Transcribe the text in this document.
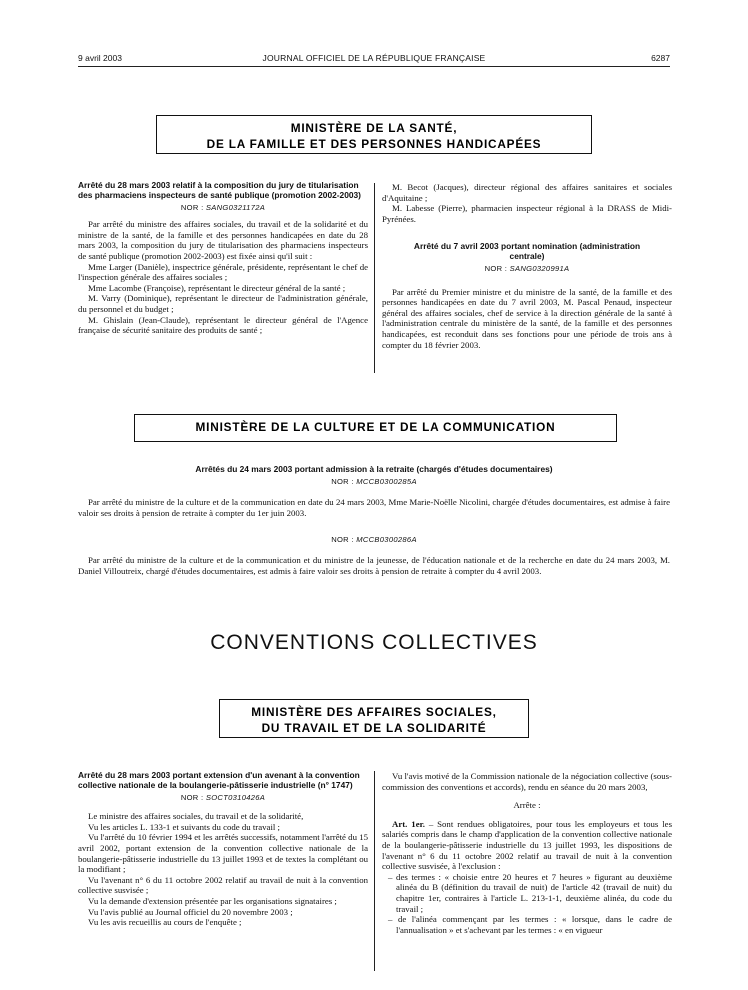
9 avril 2003	JOURNAL OFFICIEL DE LA RÉPUBLIQUE FRANÇAISE	6287
MINISTÈRE DE LA SANTÉ,
DE LA FAMILLE ET DES PERSONNES HANDICAPÉES

Arrêté du 28 mars 2003 relatif à la composition du jury de titularisation des pharmaciens inspecteurs de santé publique (promotion 2002-2003)

NOR : SANG0321172A

Par arrêté du ministre des affaires sociales, du travail et de la solidarité et du ministre de la santé, de la famille et des personnes handicapées en date du 28 mars 2003, la composition du jury de titularisation des pharmaciens inspecteurs de santé publique (promotion 2002-2003) est fixée ainsi qu'il suit :

Mme Larger (Danièle), inspectrice générale, présidente, représentant le chef de l'inspection générale des affaires sociales ;

Mme Lacombe (Françoise), représentant le directeur général de la santé ;

M. Varry (Dominique), représentant le directeur de l'administration générale, du personnel et du budget ;

M. Ghislain (Jean-Claude), représentant le directeur général de l'Agence française de sécurité sanitaire des produits de santé ;

M. Becot (Jacques), directeur régional des affaires sanitaires et sociales d'Aquitaine ;

M. Labesse (Pierre), pharmacien inspecteur régional à la DRASS de Midi-Pyrénées.

Arrêté du 7 avril 2003 portant nomination (administration centrale)

NOR : SANG0320991A

Par arrêté du Premier ministre et du ministre de la santé, de la famille et des personnes handicapées en date du 7 avril 2003, M. Pascal Penaud, inspecteur général des affaires sociales, chef de service à la direction générale de la santé à l'administration centrale du ministère de la santé, de la famille et des personnes handicapées, est reconduit dans ses fonctions pour une période de trois ans à compter du 18 février 2003.

MINISTÈRE DE LA CULTURE ET DE LA COMMUNICATION

Arrêtés du 24 mars 2003 portant admission à la retraite (chargés d'études documentaires)

NOR : MCCB0300285A

Par arrêté du ministre de la culture et de la communication en date du 24 mars 2003, Mme Marie-Noëlle Nicolini, chargée d'études documentaires, est admise à faire valoir ses droits à pension de retraite à compter du 1er juin 2003.

NOR : MCCB0300286A

Par arrêté du ministre de la culture et de la communication et du ministre de la jeunesse, de l'éducation nationale et de la recherche en date du 24 mars 2003, M. Daniel Villoutreix, chargé d'études documentaires, est admis à faire valoir ses droits à pension de retraite à compter du 4 avril 2003.

CONVENTIONS COLLECTIVES
MINISTÈRE DES AFFAIRES SOCIALES,
DU TRAVAIL ET DE LA SOLIDARITÉ

Arrêté du 28 mars 2003 portant extension d'un avenant à la convention collective nationale de la boulangerie-pâtisserie industrielle (n° 1747)

NOR : SOCT0310426A

Le ministre des affaires sociales, du travail et de la solidarité,

Vu les articles L. 133-1 et suivants du code du travail ;

Vu l'arrêté du 10 février 1994 et les arrêtés successifs, notamment l'arrêté du 15 avril 2002, portant extension de la convention collective nationale de la boulangerie-pâtisserie industrielle du 13 juillet 1993 et de textes la complétant ou la modifiant ;

Vu l'avenant n° 6 du 11 octobre 2002 relatif au travail de nuit à la convention collective susvisée ;

Vu la demande d'extension présentée par les organisations signataires ;

Vu l'avis publié au Journal officiel du 20 novembre 2003 ;

Vu les avis recueillis au cours de l'enquête ;

Vu l'avis motivé de la Commission nationale de la négociation collective (sous-commission des conventions et accords), rendu en séance du 20 mars 2003,

Arrête :

Art. 1er. – Sont rendues obligatoires, pour tous les employeurs et tous les salariés compris dans le champ d'application de la convention collective nationale de la boulangerie-pâtisserie industrielle du 13 juillet 1993, les dispositions de l'avenant n° 6 du 11 octobre 2002 relatif au travail de nuit à la convention collective susvisée, à l'exclusion :

– des termes : « choisie entre 20 heures et 7 heures » figurant au deuxième alinéa du B (définition du travail de nuit) de l'article 42 (travail de nuit) du chapitre 1er, contraires à l'article L. 213-1-1, deuxième alinéa, du code du travail ;

– de l'alinéa commençant par les termes : « lorsque, dans le cadre de l'annualisation » et s'achevant par les termes : « en vigueur
